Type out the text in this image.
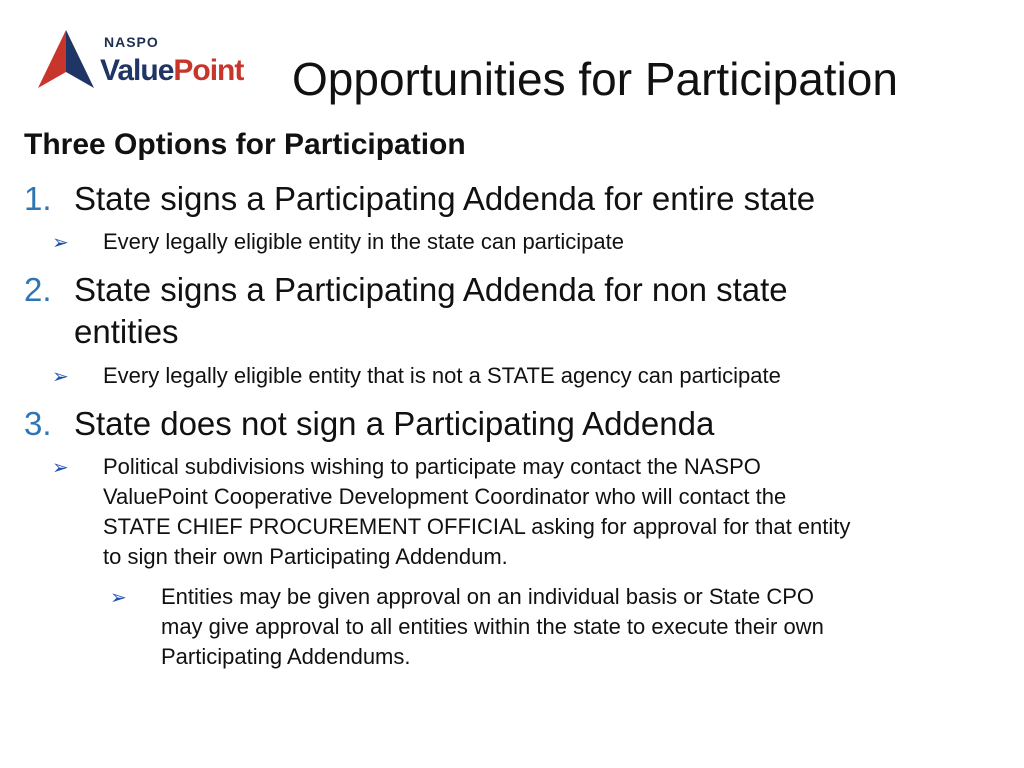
NASPO
ValuePoint Opportunities for Participation
Three Options for Participation
1. State signs a Participating Addenda for entire state
➢ Every legally eligible entity in the state can participate
2. State signs a Participating Addenda for non state
entities
➢ Every legally eligible entity that is not a STATE agency can participate
3. State does not sign a Participating Addenda
➢ Political subdivisions wishing to participate may contact the NASPO
ValuePoint Cooperative Development Coordinator who will contact the
STATE CHIEF PROCUREMENT OFFICIAL asking for approval for that entity
to sign their own Participating Addendum.
➢ Entities may be given approval on an individual basis or State CPO
may give approval to all entities within the state to execute their own
Participating Addendums.
